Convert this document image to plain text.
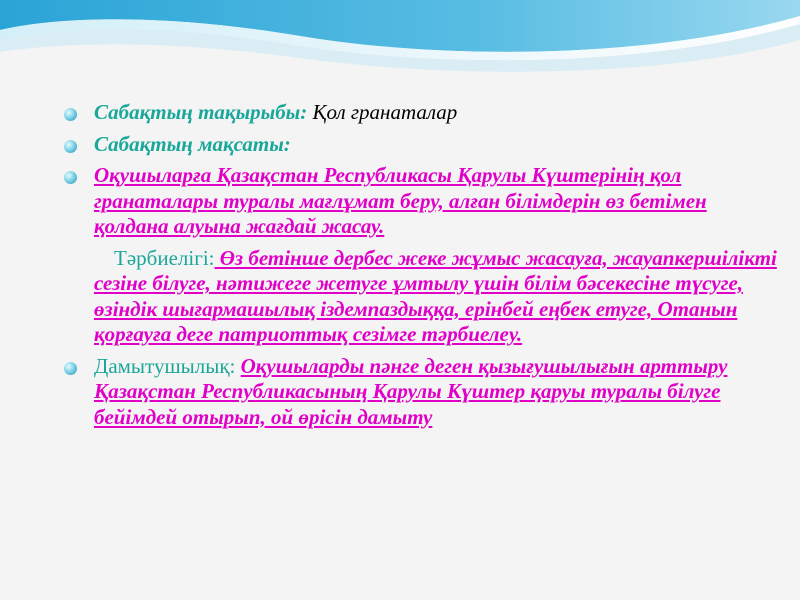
Сабақтың тақырыбы: Қол гранаталар
Сабақтың мақсаты:
Оқушыларға Қазақстан Республикасы Қарулы Күштерінің қол гранаталары туралы мағлұмат беру, алған білімдерін өз бетімен қолдана алуына жағдай жасау.
Тәрбиелігі: Өз бетінше дербес жеке жұмыс жасауға, жауапкершілікті сезіне білуге, нәтижеге жетуге ұмтылу үшін білім бәсекесіне түсуге, өзіндік шығармашылық іздемпаздыққа, ерінбей еңбек етуге, Отанын қорғауға деге патриоттық сезімге тәрбиелеу.
Дамытушылық: Оқушыларды пәнге деген қызығушылығын арттыру Қазақстан Республикасының Қарулы Күштер қаруы туралы білуге бейімдей отырып, ой өрісін дамыту
